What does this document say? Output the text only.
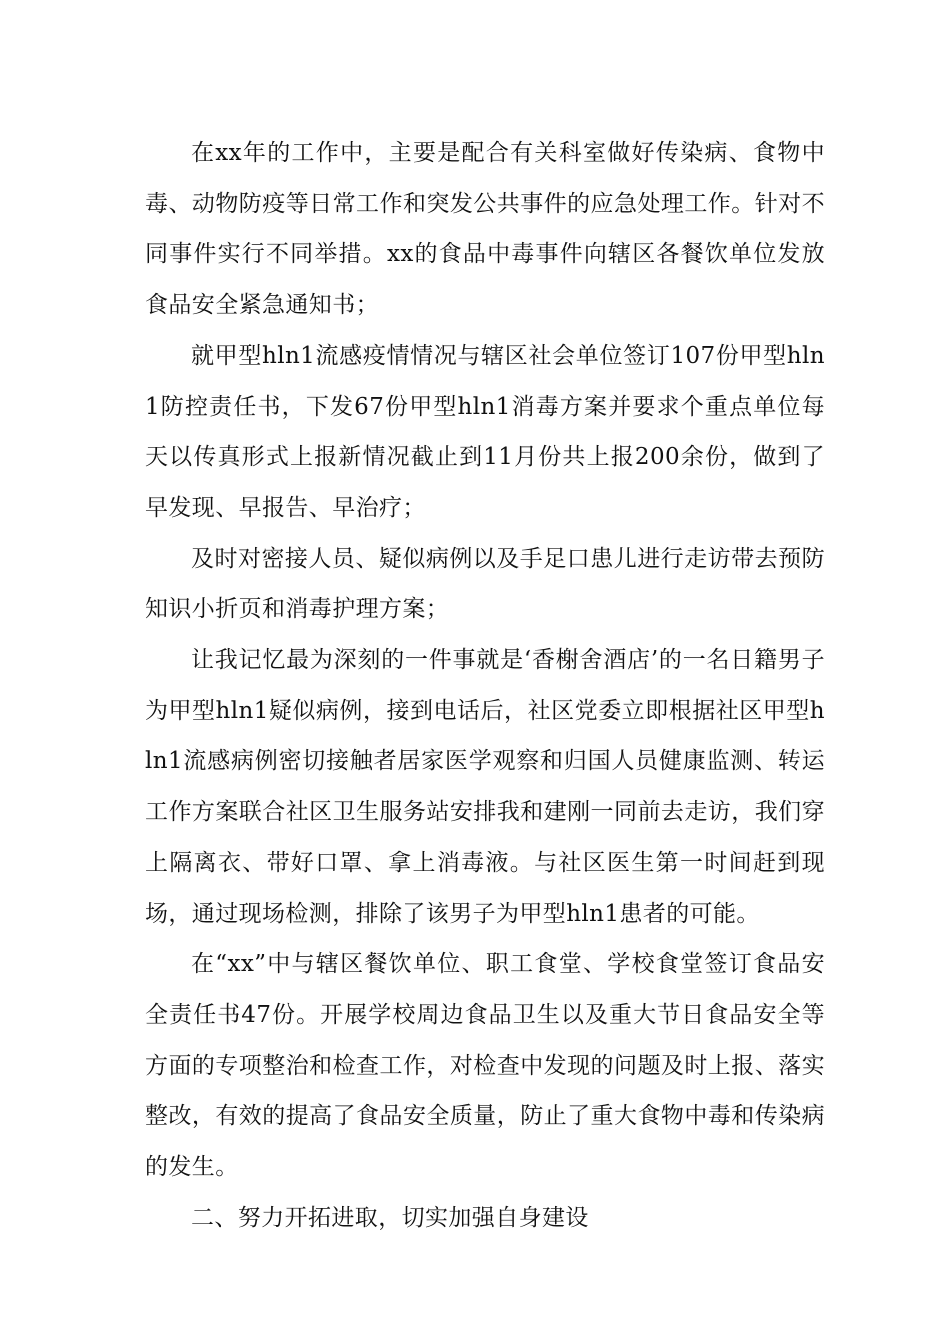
在xx年的工作中，主要是配合有关科室做好传染病、食物中毒、动物防疫等日常工作和突发公共事件的应急处理工作。针对不同事件实行不同举措。xx的食品中毒事件向辖区各餐饮单位发放食品安全紧急通知书；

就甲型hln1流感疫情情况与辖区社会单位签订107份甲型hln1防控责任书，下发67份甲型hln1消毒方案并要求个重点单位每天以传真形式上报新情况截止到11月份共上报200余份，做到了早发现、早报告、早治疗；

及时对密接人员、疑似病例以及手足口患儿进行走访带去预防知识小折页和消毒护理方案；

让我记忆最为深刻的一件事就是‘香榭舍酒店’的一名日籍男子为甲型hln1疑似病例，接到电话后，社区党委立即根据社区甲型hln1流感病例密切接触者居家医学观察和归国人员健康监测、转运工作方案联合社区卫生服务站安排我和建刚一同前去走访，我们穿上隔离衣、带好口罩、拿上消毒液。与社区医生第一时间赶到现场，通过现场检测，排除了该男子为甲型hln1患者的可能。

在“xx”中与辖区餐饮单位、职工食堂、学校食堂签订食品安全责任书47份。开展学校周边食品卫生以及重大节日食品安全等方面的专项整治和检查工作，对检查中发现的问题及时上报、落实整改，有效的提高了食品安全质量，防止了重大食物中毒和传染病的发生。

二、努力开拓进取，切实加强自身建设
